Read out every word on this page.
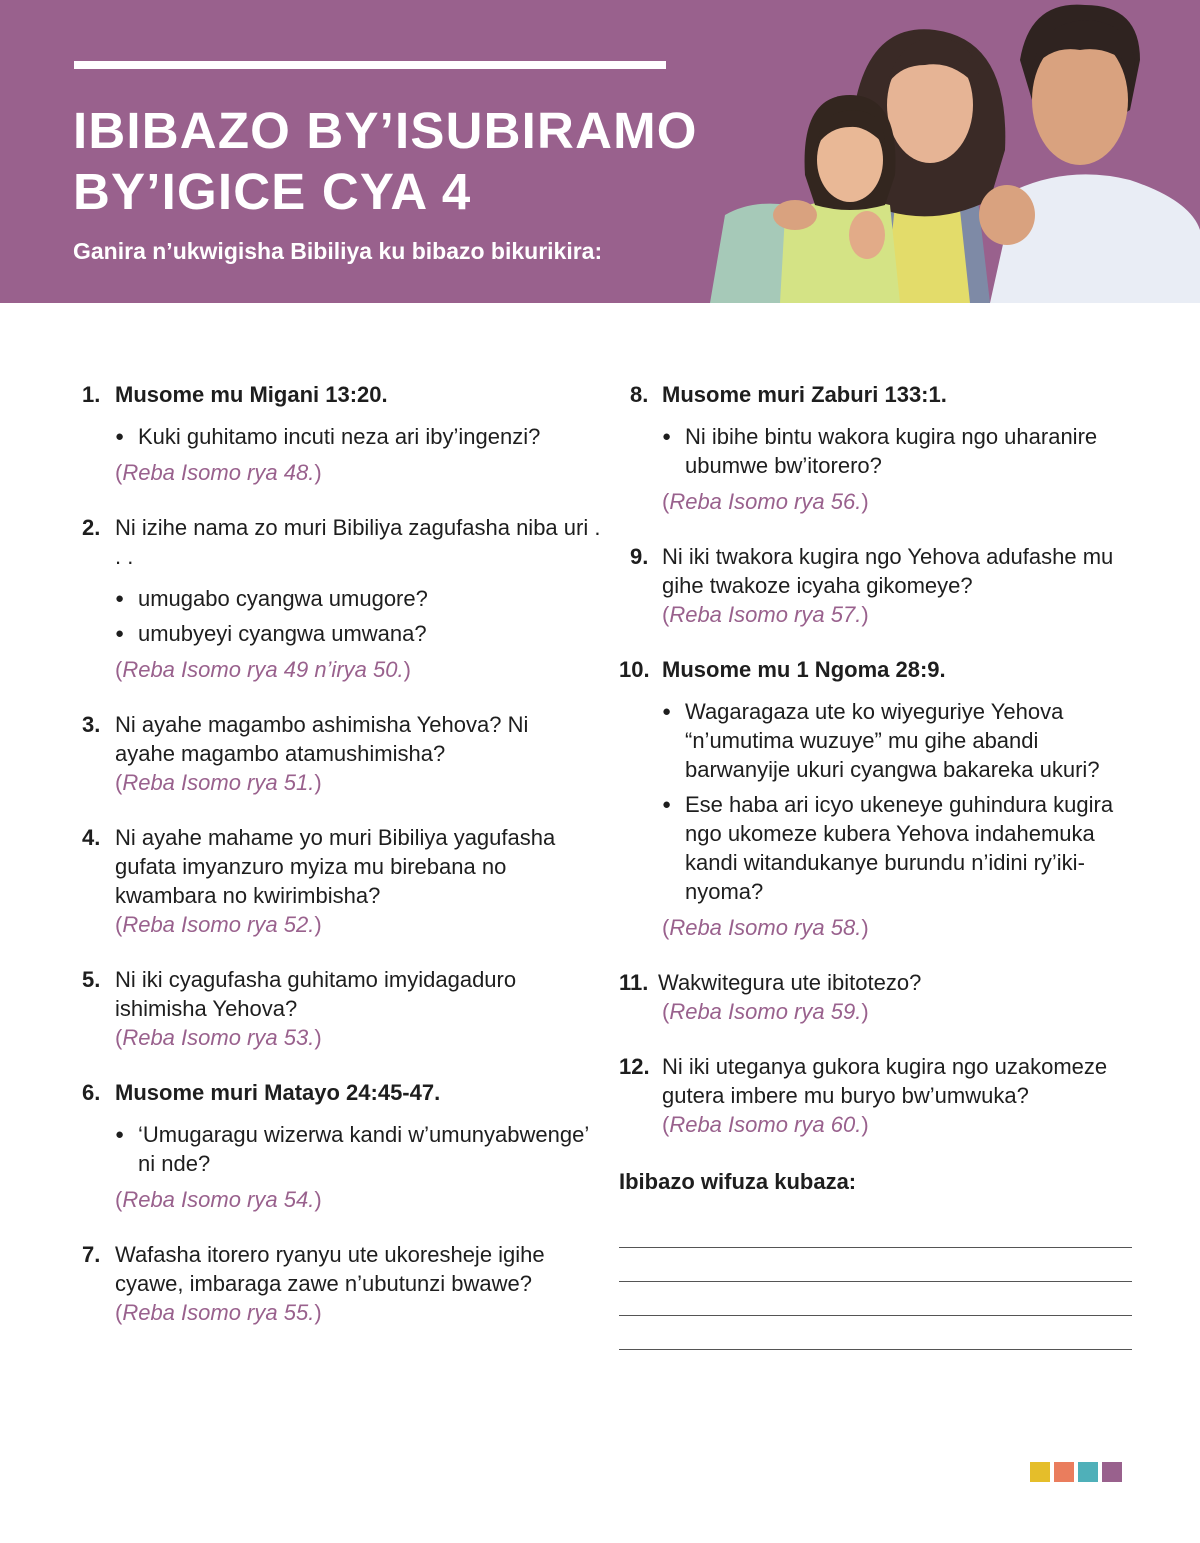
IBIBAZO BY’ISUBIRAMO
BY’IGICE CYA 4

Ganira n’ukwigisha Bibiliya ku bibazo bikurikira:

1. Musome mu Migani 13:20.
● Kuki guhitamo incuti neza ari iby’ingenzi?
(Reba Isomo rya 48.)
2. Ni izihe nama zo muri Bibiliya zagufasha niba uri . . .
● umugabo cyangwa umugore?
● umubyeyi cyangwa umwana?
(Reba Isomo rya 49 n’irya 50.)
3. Ni ayahe magambo ashimisha Yehova? Ni ayahe magambo atamushimisha?
(Reba Isomo rya 51.)
4. Ni ayahe mahame yo muri Bibiliya yagufasha gufata imyanzuro myiza mu birebana no kwambara no kwirimbisha?
(Reba Isomo rya 52.)
5. Ni iki cyagufasha guhitamo imyidagaduro ishimisha Yehova?
(Reba Isomo rya 53.)
6. Musome muri Matayo 24:45-47.
● ‘Umugaragu wizerwa kandi w’umunyabwenge’ ni nde?
(Reba Isomo rya 54.)
7. Wafasha itorero ryanyu ute ukoresheje igihe cyawe, imbaraga zawe n’ubutunzi bwawe?
(Reba Isomo rya 55.)
8. Musome muri Zaburi 133:1.
● Ni ibihe bintu wakora kugira ngo uharanire ubumwe bw’itorero?
(Reba Isomo rya 56.)
9. Ni iki twakora kugira ngo Yehova adufashe mu gihe twakoze icyaha gikomeye?
(Reba Isomo rya 57.)
10. Musome mu 1 Ngoma 28:9.
● Wagaragaza ute ko wiyeguriye Yehova “n’umutima wuzuye” mu gihe abandi barwanyije ukuri cyangwa bakareka ukuri?
● Ese haba ari icyo ukeneye guhindura kugira ngo ukomeze kubera Yehova indahemuka kandi witandukanye burundu n’idini ry’ikinyoma?
(Reba Isomo rya 58.)
11. Wakwitegura ute ibitotezo?
(Reba Isomo rya 59.)
12. Ni iki uteganya gukora kugira ngo uzakomeze gutera imbere mu buryo bw’umwuka?
(Reba Isomo rya 60.)
Ibibazo wifuza kubaza:
